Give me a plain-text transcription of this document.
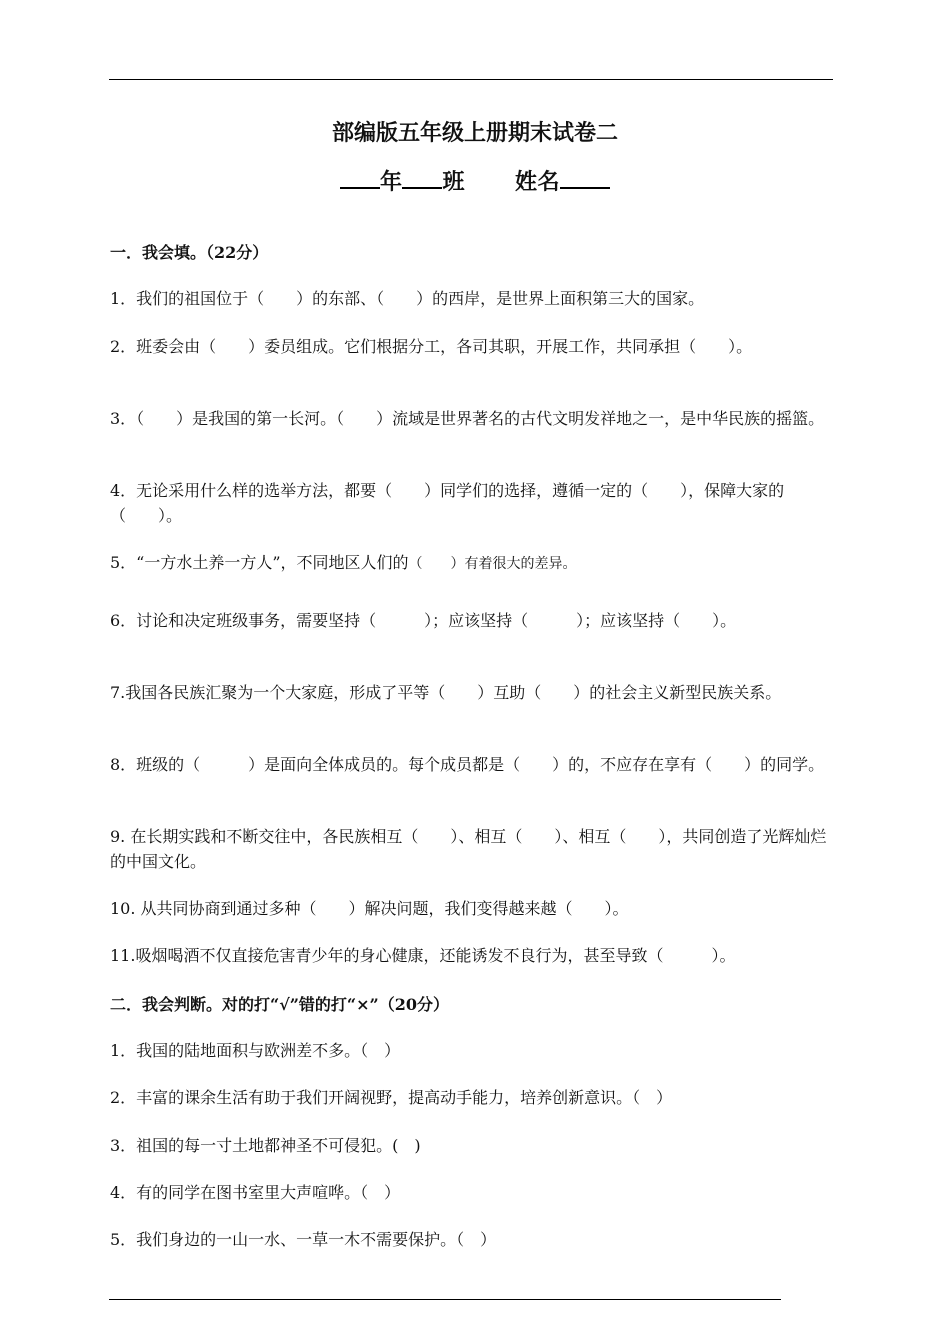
部编版五年级上册期末试卷二
年 班 姓名
一．我会填。（22分）
1．我们的祖国位于（　　）的东部、（　　）的西岸，是世界上面积第三大的国家。
2．班委会由（　　）委员组成。它们根据分工，各司其职，开展工作，共同承担（　　）。
3．（　　）是我国的第一长河。（　　）流域是世界著名的古代文明发祥地之一，是中华民族的摇篮。
4．无论采用什么样的选举方法，都要（　　）同学们的选择，遵循一定的（　　），保障大家的（　　）。
5．“一方水土养一方人”，不同地区人们的（　　）有着很大的差异。
6．讨论和决定班级事务，需要坚持（　　　）；应该坚持（　　　）；应该坚持（　　）。
7.我国各民族汇聚为一个大家庭，形成了平等（　　）互助（　　）的社会主义新型民族关系。
8．班级的（　　　）是面向全体成员的。每个成员都是（　　）的，不应存在享有（　　）的同学。
9. 在长期实践和不断交往中，各民族相互（　　）、相互（　　）、相互（　　），共同创造了光辉灿烂的中国文化。
10. 从共同协商到通过多种（　　）解决问题，我们变得越来越（　　）。
11.吸烟喝酒不仅直接危害青少年的身心健康，还能诱发不良行为，甚至导致（　　　）。
二．我会判断。对的打“√”错的打“×”（20分）
1．我国的陆地面积与欧洲差不多。（　）
2．丰富的课余生活有助于我们开阔视野，提高动手能力，培养创新意识。（　）
3．祖国的每一寸土地都神圣不可侵犯。(　)
4．有的同学在图书室里大声喧哗。（　）
5．我们身边的一山一水、一草一木不需要保护。（　）
